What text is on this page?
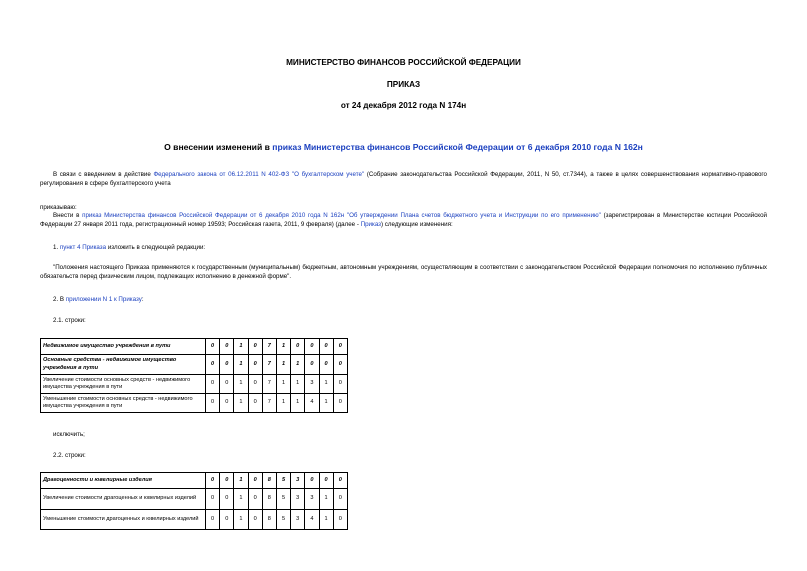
МИНИСТЕРСТВО ФИНАНСОВ РОССИЙСКОЙ ФЕДЕРАЦИИ
ПРИКАЗ
от 24 декабря 2012 года N 174н
О внесении изменений в приказ Министерства финансов Российской Федерации от 6 декабря 2010 года N 162н
В связи с введением в действие Федерального закона от 06.12.2011 N 402-ФЗ "О бухгалтерском учете" (Собрание законодательства Российской Федерации, 2011, N 50, ст.7344), а также в целях совершенствования нормативно-правового регулирования в сфере бухгалтерского учета
приказываю:
Внести в приказ Министерства финансов Российской Федерации от 6 декабря 2010 года N 162н "Об утверждении Плана счетов бюджетного учета и Инструкции по его применению" (зарегистрирован в Министерстве юстиции Российской Федерации 27 января 2011 года, регистрационный номер 19593; Российская газета, 2011, 9 февраля) (далее - Приказ) следующие изменения:
1. пункт 4 Приказа изложить в следующей редакции:
"Положения настоящего Приказа применяются к государственным (муниципальным) бюджетным, автономным учреждениям, осуществляющим в соответствии с законодательством Российской Федерации полномочия по исполнению публичных обязательств перед физическим лицом, подлежащих исполнению в денежной форме".
2. В приложении N 1 к Приказу:
2.1. строки:
Недвижимое имущество учреждения в пути	0	0	1	0	7	1	0	0	0	0
Основные средства - недвижимое имущество учреждения в пути	0	0	1	0	7	1	1	0	0	0
Увеличение стоимости основных средств - недвижимого имущества учреждения в пути	0	0	1	0	7	1	1	3	1	0
Уменьшение стоимости основных средств - недвижимого имущества учреждения в пути	0	0	1	0	7	1	1	4	1	0
исключить;
2.2. строки:
Драгоценности и ювелирные изделия	0	0	1	0	8	5	3	0	0	0
Увеличение стоимости драгоценных и ювелирных изделий	0	0	1	0	8	5	3	3	1	0
Уменьшение стоимости драгоценных и ювелирных изделий	0	0	1	0	8	5	3	4	1	0
